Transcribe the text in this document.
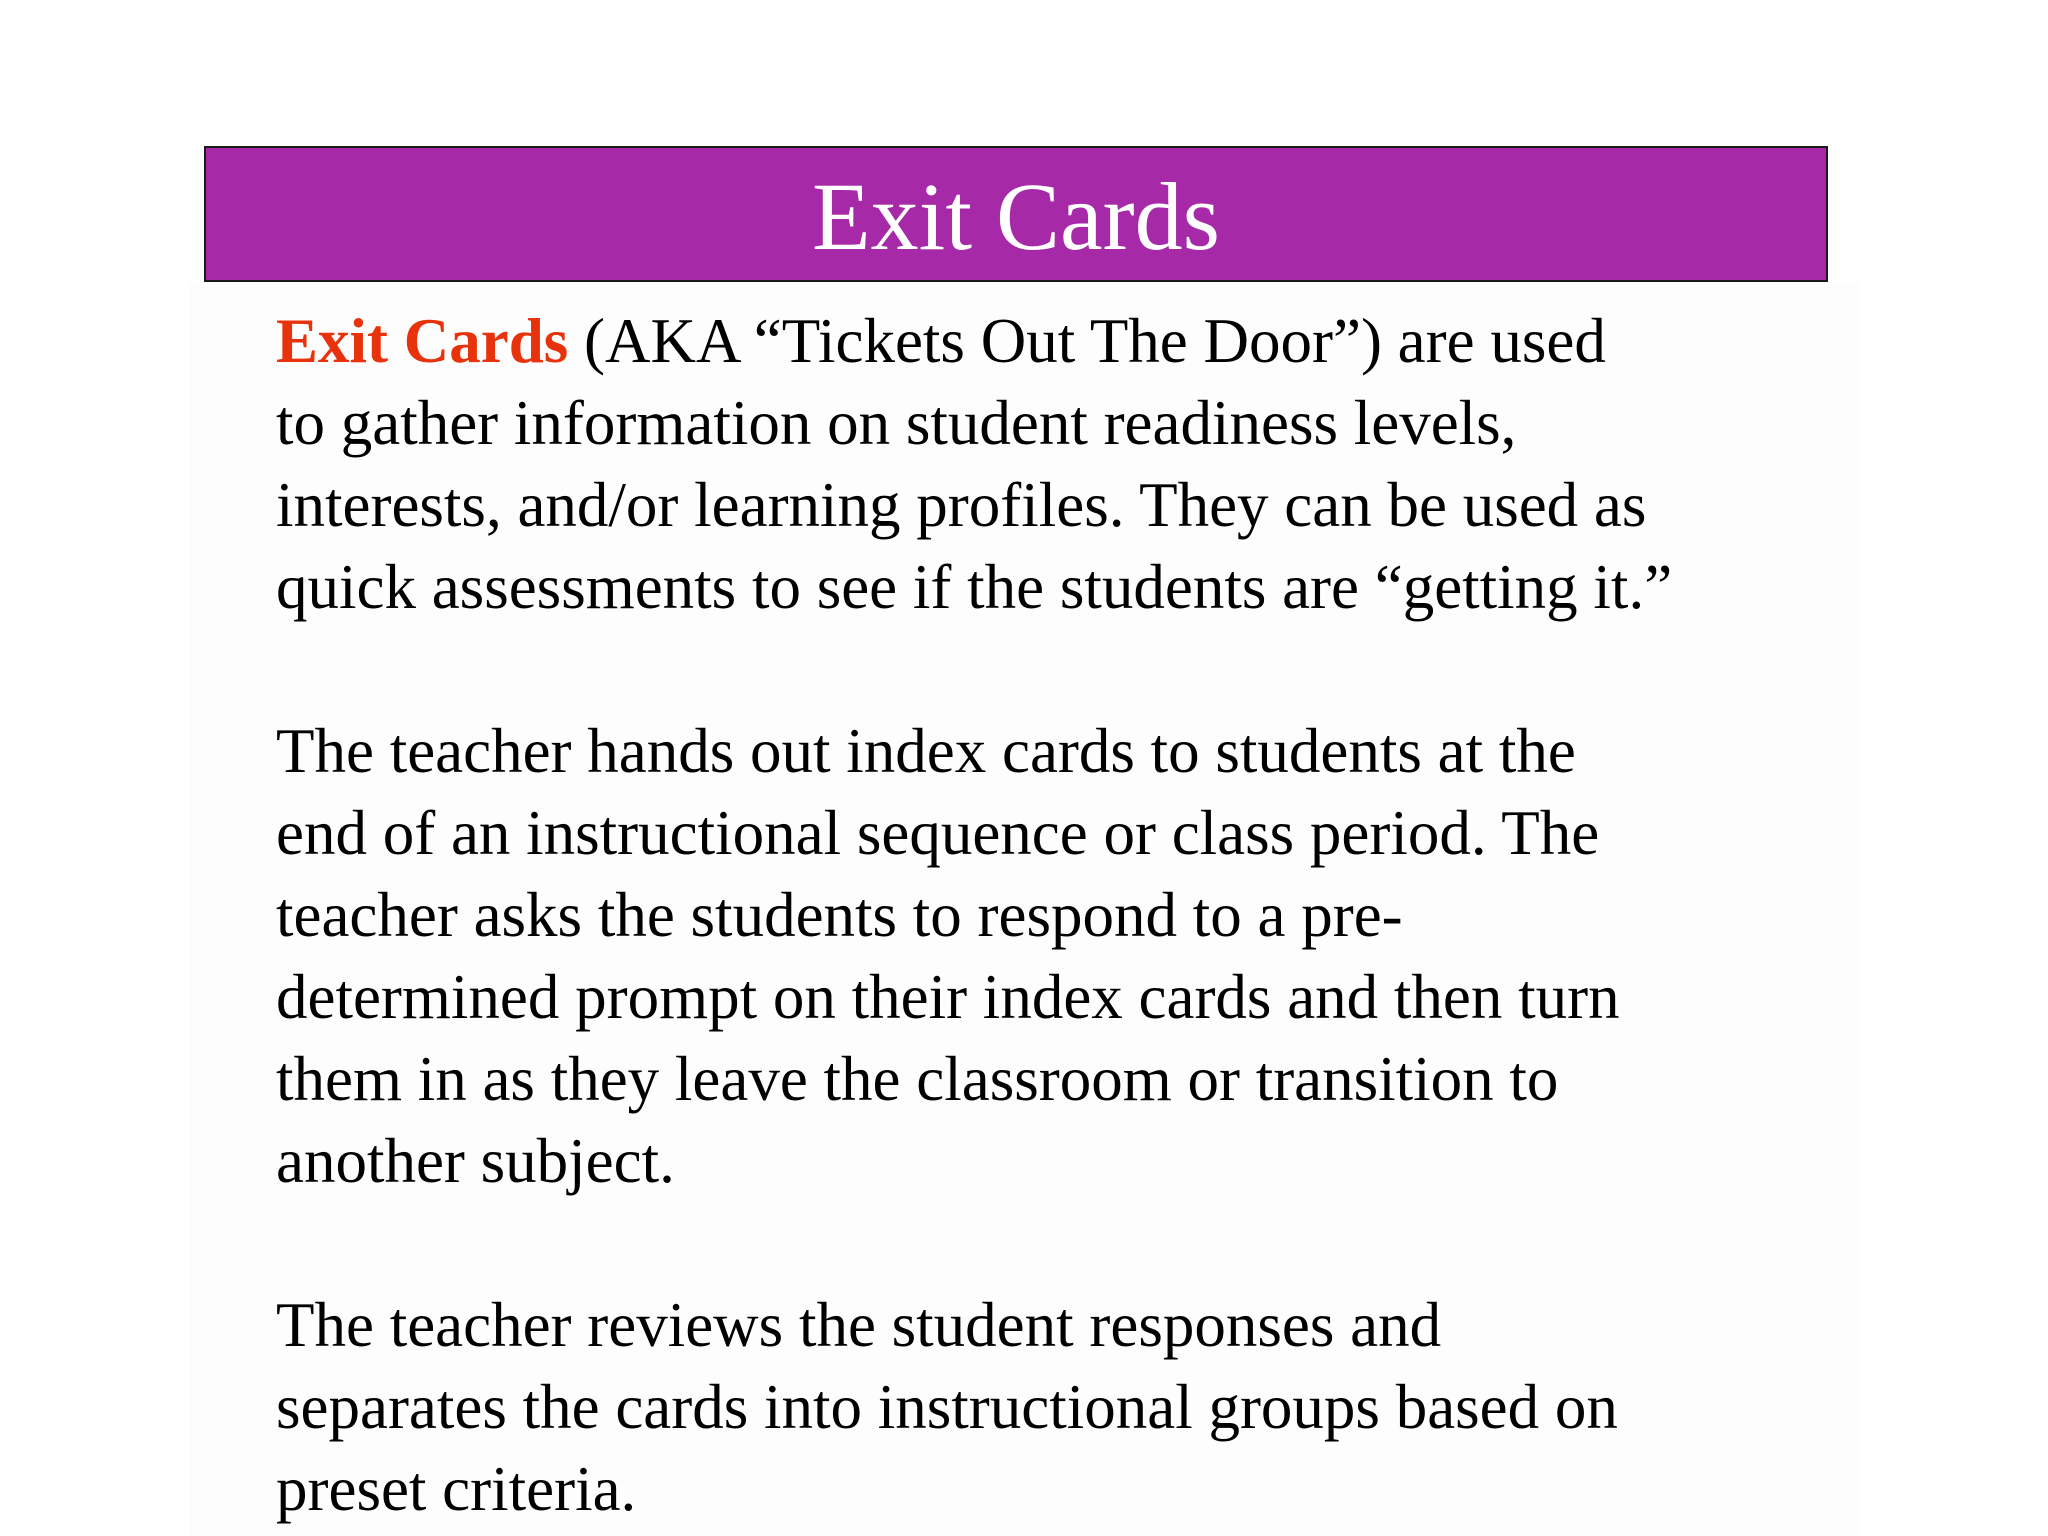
Exit Cards

Exit Cards (AKA “Tickets Out The Door”) are used
to gather information on student readiness levels,
interests, and/or learning profiles. They can be used as
quick assessments to see if the students are “getting it.”

The teacher hands out index cards to students at the
end of an instructional sequence or class period. The
teacher asks the students to respond to a pre-
determined prompt on their index cards and then turn
them in as they leave the classroom or transition to
another subject.

The teacher reviews the student responses and
separates the cards into instructional groups based on
preset criteria.
